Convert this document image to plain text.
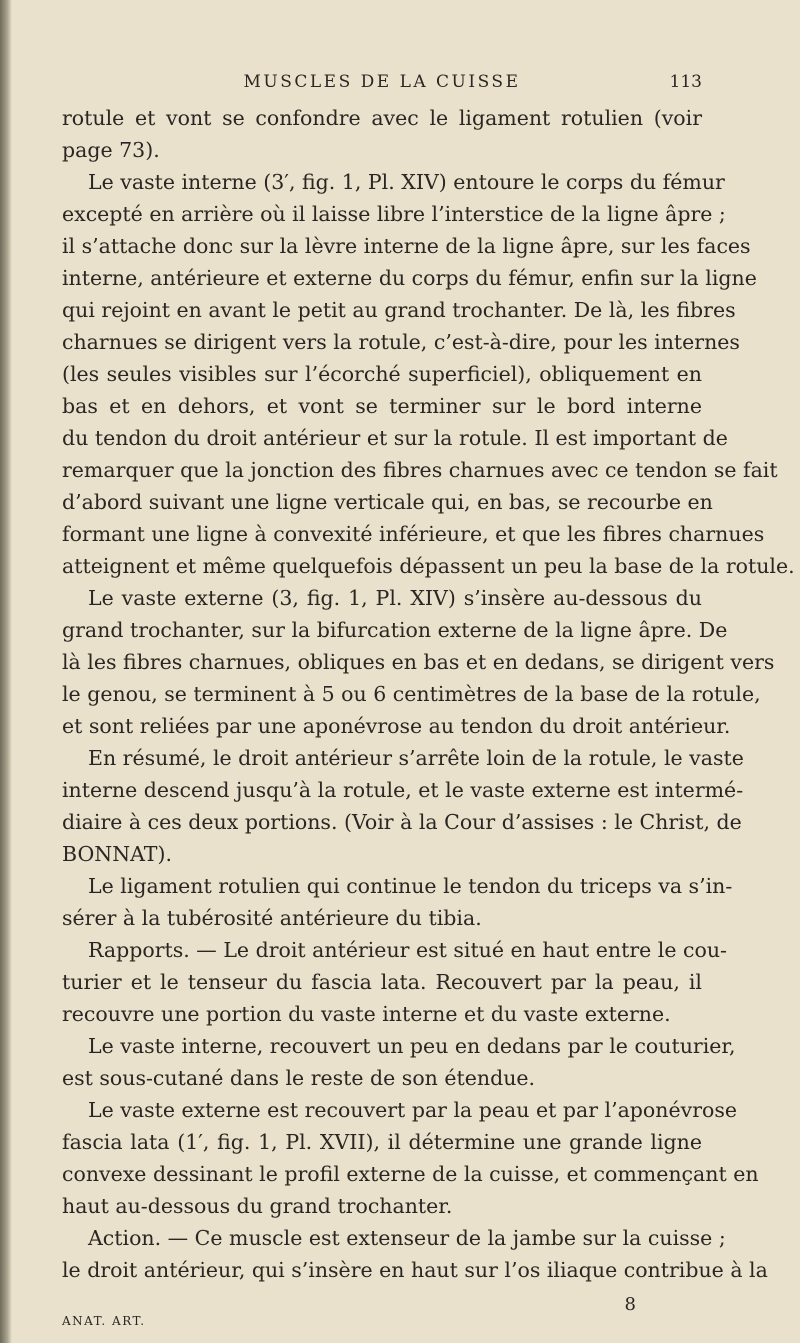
MUSCLES DE LA CUISSE	113
rotule et vont se confondre avec le ligament rotulien (voir
page 73).
Le vaste interne (3′, fig. 1, Pl. XIV) entoure le corps du fémur
excepté en arrière où il laisse libre l’interstice de la ligne âpre ;
il s’attache donc sur la lèvre interne de la ligne âpre, sur les faces
interne, antérieure et externe du corps du fémur, enfin sur la ligne
qui rejoint en avant le petit au grand trochanter. De là, les fibres
charnues se dirigent vers la rotule, c’est-à-dire, pour les internes
(les seules visibles sur l’écorché superficiel), obliquement en
bas et en dehors, et vont se terminer sur le bord interne
du tendon du droit antérieur et sur la rotule. Il est important de
remarquer que la jonction des fibres charnues avec ce tendon se fait
d’abord suivant une ligne verticale qui, en bas, se recourbe en
formant une ligne à convexité inférieure, et que les fibres charnues
atteignent et même quelquefois dépassent un peu la base de la rotule.
Le vaste externe (3, fig. 1, Pl. XIV) s’insère au-dessous du
grand trochanter, sur la bifurcation externe de la ligne âpre. De
là les fibres charnues, obliques en bas et en dedans, se dirigent vers
le genou, se terminent à 5 ou 6 centimètres de la base de la rotule,
et sont reliées par une aponévrose au tendon du droit antérieur.
En résumé, le droit antérieur s’arrête loin de la rotule, le vaste
interne descend jusqu’à la rotule, et le vaste externe est intermé-
diaire à ces deux portions. (Voir à la Cour d’assises : le Christ, de
BONNAT).
Le ligament rotulien qui continue le tendon du triceps va s’in-
sérer à la tubérosité antérieure du tibia.
Rapports. — Le droit antérieur est situé en haut entre le cou-
turier et le tenseur du fascia lata. Recouvert par la peau, il
recouvre une portion du vaste interne et du vaste externe.
Le vaste interne, recouvert un peu en dedans par le couturier,
est sous-cutané dans le reste de son étendue.
Le vaste externe est recouvert par la peau et par l’aponévrose
fascia lata (1′, fig. 1, Pl. XVII), il détermine une grande ligne
convexe dessinant le profil externe de la cuisse, et commençant en
haut au-dessous du grand trochanter.
Action. — Ce muscle est extenseur de la jambe sur la cuisse ;
le droit antérieur, qui s’insère en haut sur l’os iliaque contribue à la
ANAT. ART.
8
